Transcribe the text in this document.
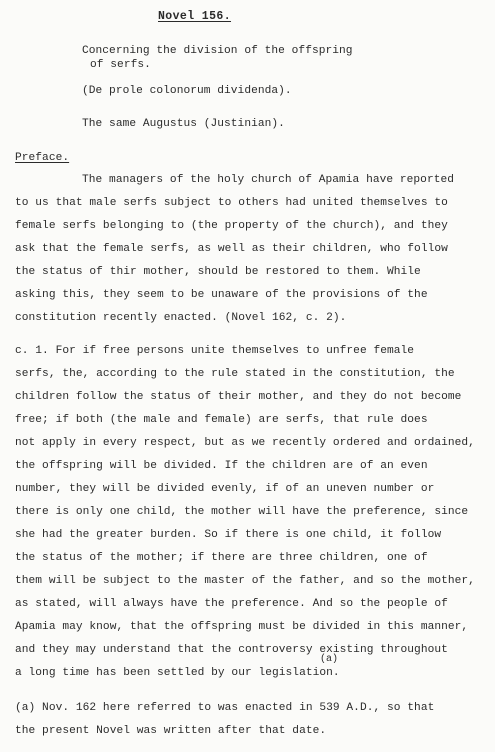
Novel 156.
Concerning the division of the offspring
of serfs.
(De prole colonorum dividenda).
The same Augustus (Justinian).
Preface.
The managers of the holy church of Apamia have reported
to us that male serfs subject to others had united themselves to
female serfs belonging to (the property of the church), and they
ask that the female serfs, as well as their children, who follow
the status of thir mother, should be restored to them. While
asking this, they seem to be unaware of the provisions of the
constitution recently enacted. (Novel 162, c. 2).
c. 1. For if free persons unite themselves to unfree female
serfs, the, according to the rule stated in the constitution, the
children follow the status of their mother, and they do not become
free; if both (the male and female) are serfs, that rule does
not apply in every respect, but as we recently ordered and ordained,
the offspring will be divided. If the children are of an even
number, they will be divided evenly, if of an uneven number or
there is only one child, the mother will have the preference, since
she had the greater burden. So if there is one child, it follow
the status of the mother; if there are three children, one of
them will be subject to the master of the father, and so the mother,
as stated, will always have the preference. And so the people of
Apamia may know, that the offspring must be divided in this manner,
and they may understand that the controversy existing throughout
(a)
a long time has been settled by our legislation.
(a) Nov. 162 here referred to was enacted in 539 A.D., so that
the present Novel was written after that date.
